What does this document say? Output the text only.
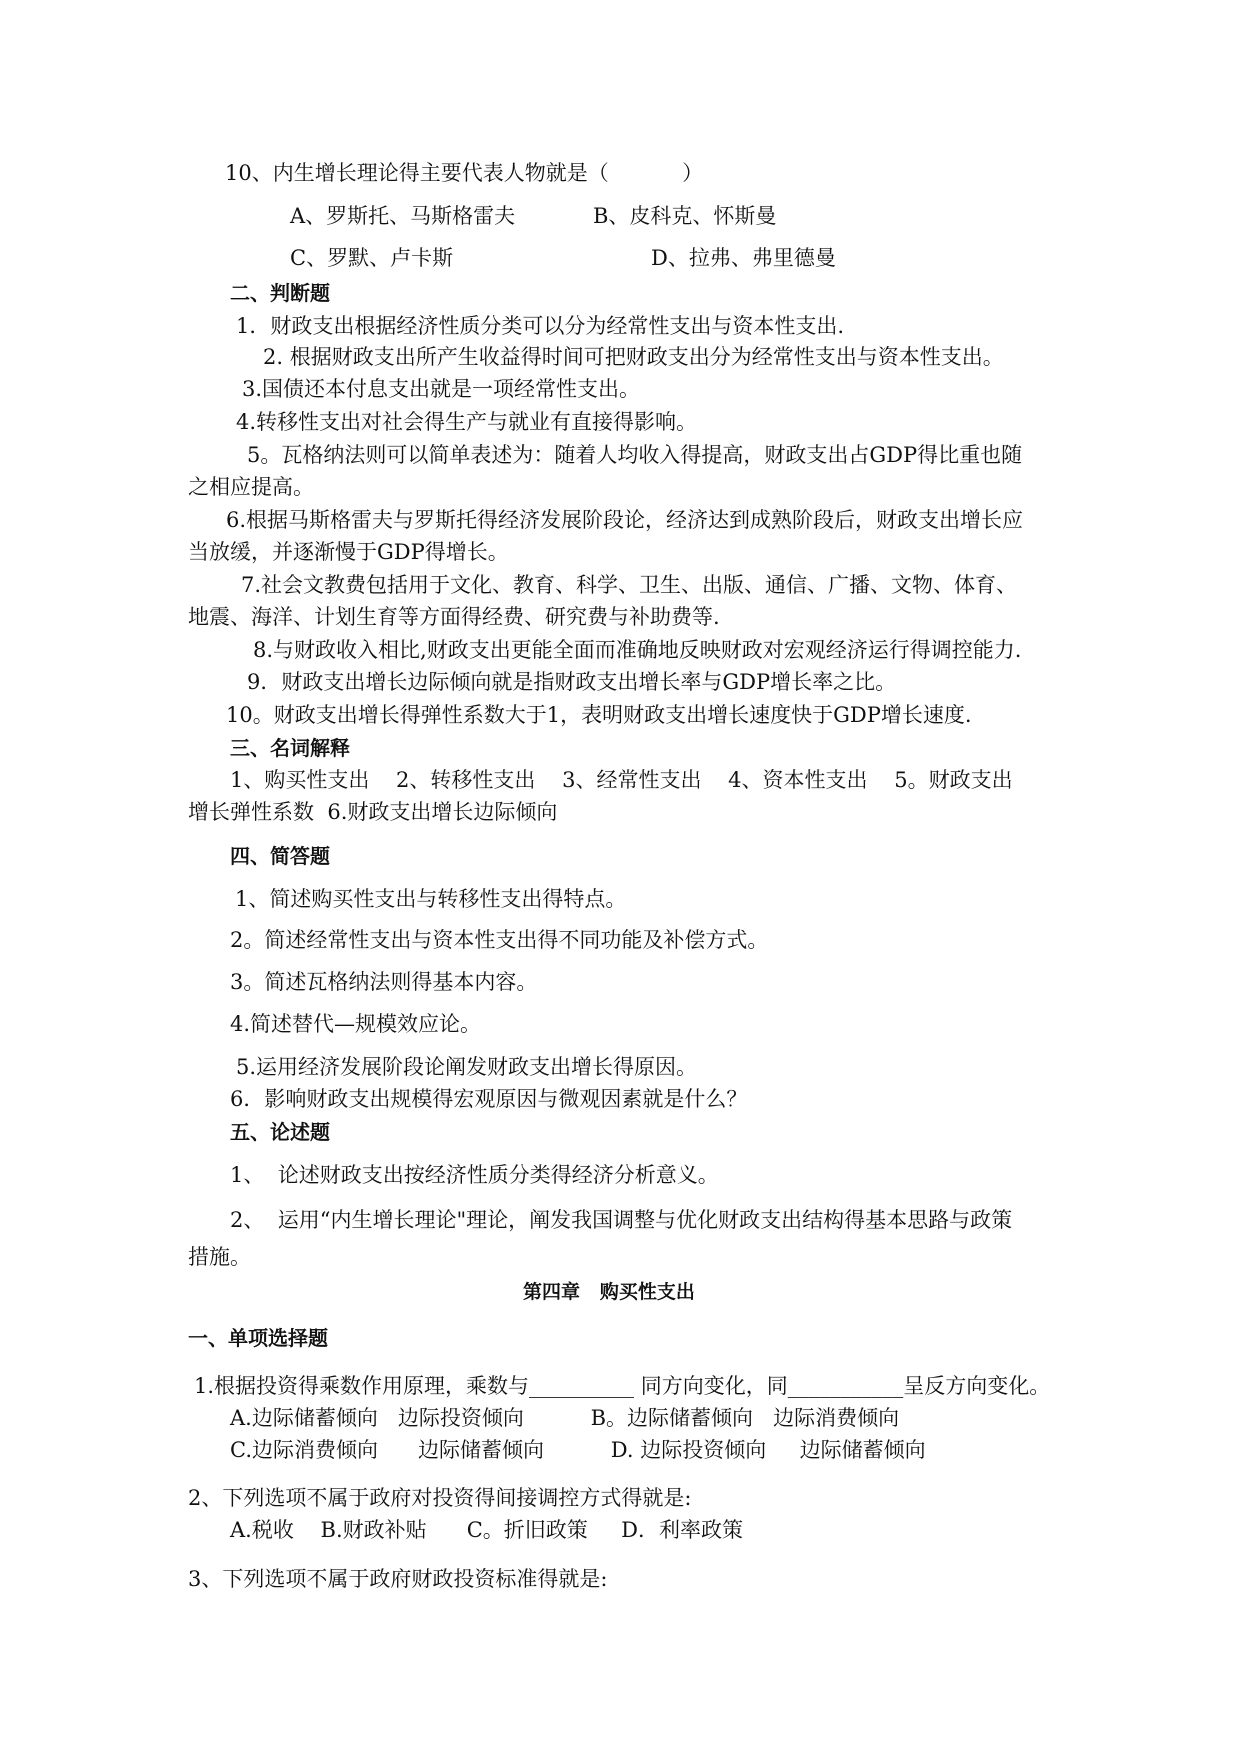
10、内生增长理论得主要代表人物就是（           ）
A、罗斯托、马斯格雷夫	B、皮科克、怀斯曼
C、罗默、卢卡斯	D、拉弗、弗里德曼
二、判断题
1．财政支出根据经济性质分类可以分为经常性支出与资本性支出.
2. 根据财政支出所产生收益得时间可把财政支出分为经常性支出与资本性支出。
3.国债还本付息支出就是一项经常性支出。
4.转移性支出对社会得生产与就业有直接得影响。
5。瓦格纳法则可以简单表述为：随着人均收入得提高，财政支出占GDP得比重也随
之相应提高。
6.根据马斯格雷夫与罗斯托得经济发展阶段论，经济达到成熟阶段后，财政支出增长应
当放缓，并逐渐慢于GDP得增长。
7.社会文教费包括用于文化、教育、科学、卫生、出版、通信、广播、文物、体育、
地震、海洋、计划生育等方面得经费、研究费与补助费等.
8.与财政收入相比,财政支出更能全面而准确地反映财政对宏观经济运行得调控能力.
9．财政支出增长边际倾向就是指财政支出增长率与GDP增长率之比。
10。财政支出增长得弹性系数大于1，表明财政支出增长速度快于GDP增长速度.
三、名词解释
1、购买性支出    2、转移性支出    3、经常性支出    4、资本性支出    5。财政支出
增长弹性系数  6.财政支出增长边际倾向
四、简答题
1、简述购买性支出与转移性支出得特点。
2。简述经常性支出与资本性支出得不同功能及补偿方式。
3。简述瓦格纳法则得基本内容。
4.简述替代—规模效应论。
5.运用经济发展阶段论阐发财政支出增长得原因。
6．影响财政支出规模得宏观原因与微观因素就是什么？
五、论述题
1、  论述财政支出按经济性质分类得经济分析意义。
2、  运用“内生增长理论"理论，阐发我国调整与优化财政支出结构得基本思路与政策
措施。
第四章   购买性支出
一、单项选择题
1.根据投资得乘数作用原理，乘数与__________ 同方向变化，同___________呈反方向变化。
A.边际储蓄倾向   边际投资倾向          B。边际储蓄倾向   边际消费倾向
C.边际消费倾向      边际储蓄倾向          D. 边际投资倾向     边际储蓄倾向
2、下列选项不属于政府对投资得间接调控方式得就是:
A.税收    B.财政补贴      C。折旧政策     D．利率政策
3、下列选项不属于政府财政投资标准得就是:
